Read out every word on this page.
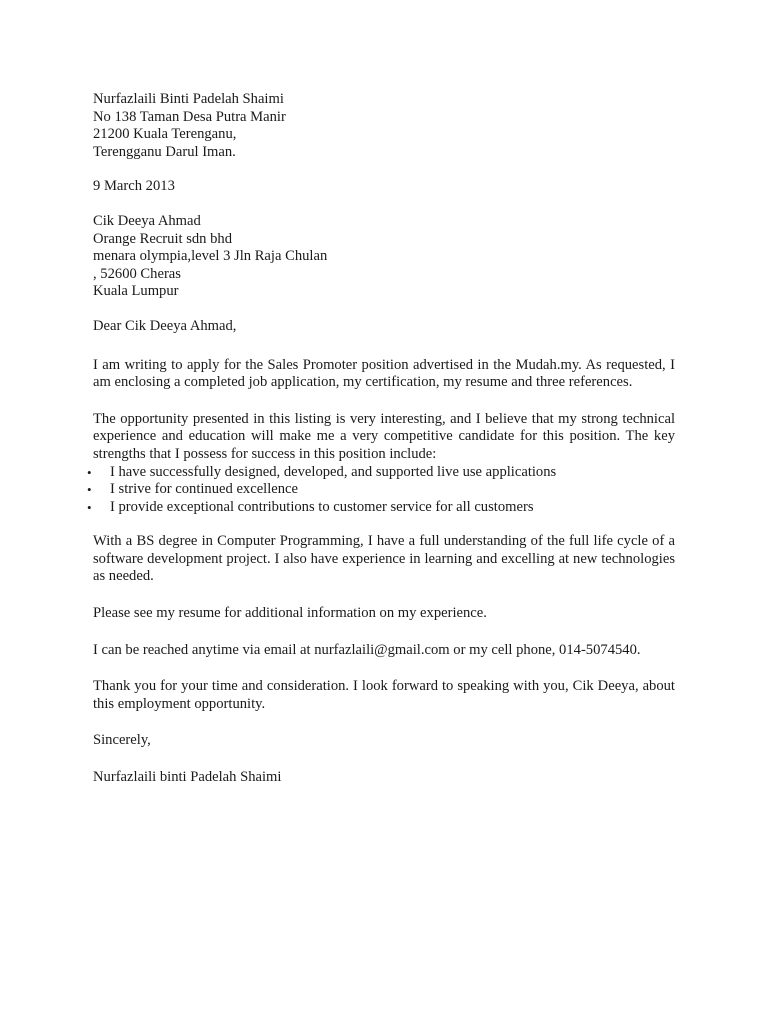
Nurfazlaili Binti Padelah Shaimi
No 138 Taman Desa Putra Manir
21200 Kuala Terenganu,
Terengganu Darul Iman.
9 March 2013
Cik Deeya Ahmad
Orange Recruit sdn bhd
menara olympia,level 3 Jln Raja Chulan
, 52600 Cheras
Kuala Lumpur
Dear Cik Deeya Ahmad,

I am writing to apply for the Sales Promoter position advertised in the Mudah.my. As requested, I am enclosing a completed job application, my certification, my resume and three references.

The opportunity presented in this listing is very interesting, and I believe that my strong technical experience and education will make me a very competitive candidate for this position. The key strengths that I possess for success in this position include:

• I have successfully designed, developed, and supported live use applications
• I strive for continued excellence
• I provide exceptional contributions to customer service for all customers

With a BS degree in Computer Programming, I have a full understanding of the full life cycle of a software development project. I also have experience in learning and excelling at new technologies as needed.

Please see my resume for additional information on my experience.

I can be reached anytime via email at nurfazlaili@gmail.com or my cell phone, 014-5074540.

Thank you for your time and consideration. I look forward to speaking with you, Cik Deeya, about this employment opportunity.

Sincerely,
Nurfazlaili binti Padelah Shaimi
